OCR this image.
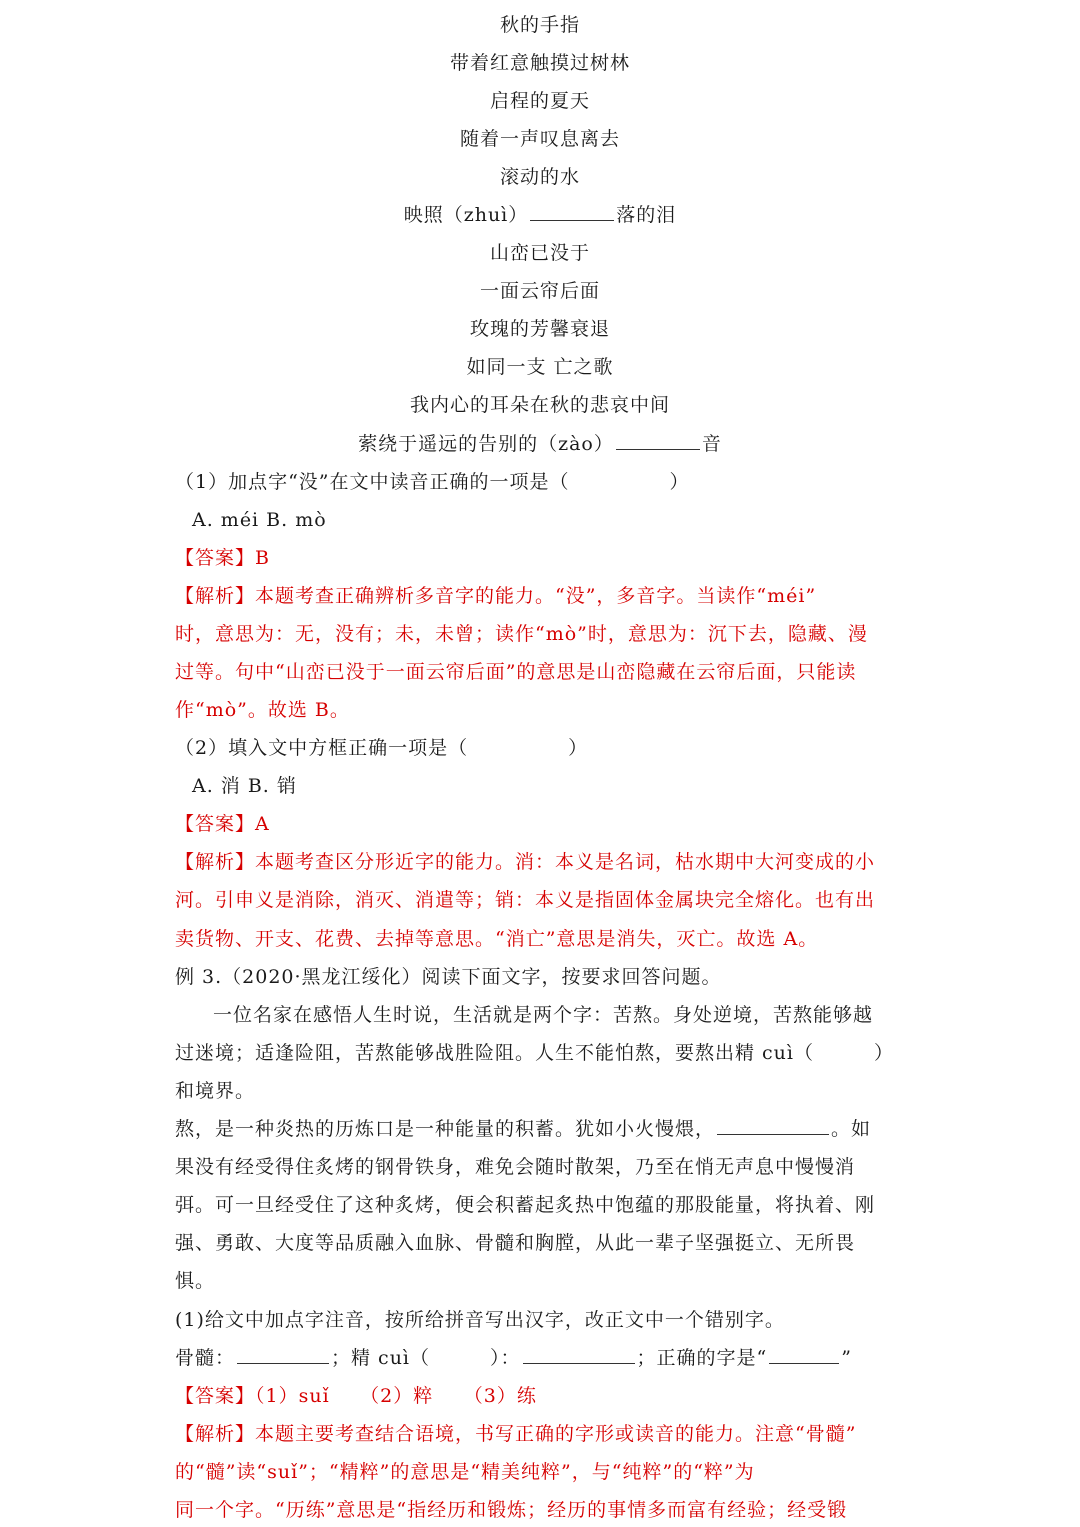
秋的手指
带着红意触摸过树林
启程的夏天
随着一声叹息离去
滚动的水
映照（zhuì）	落的泪
山峦已没于
一面云帘后面
玫瑰的芳馨衰退
如同一支 亡之歌
我内心的耳朵在秋的悲哀中间
萦绕于遥远的告别的（zào）	音
（1）加点字“没”在文中读音正确的一项是（　　　　　）
A. méi B. mò
【答案】B
【解析】本题考查正确辨析多音字的能力。“没”，多音字。当读作“méi”
时，意思为：无，没有；未，未曾；读作“mò”时，意思为：沉下去，隐藏、漫
过等。句中“山峦已没于一面云帘后面”的意思是山峦隐藏在云帘后面，只能读
作“mò”。故选 B。
（2）填入文中方框正确一项是（　　　　　）
A. 消 B. 销
【答案】A
【解析】本题考查区分形近字的能力。消：本义是名词，枯水期中大河变成的小
河。引申义是消除，消灭、消遣等；销：本义是指固体金属块完全熔化。也有出
卖货物、开支、花费、去掉等意思。“消亡”意思是消失，灭亡。故选 A。
例 3.（2020·黑龙江绥化）阅读下面文字，按要求回答问题。
一位名家在感悟人生时说，生活就是两个字：苦熬。身处逆境，苦熬能够越
过迷境；适逢险阻，苦熬能够战胜险阻。人生不能怕熬，要熬出精 cuì（　　　）
和境界。
熬，是一种炎热的历炼口是一种能量的积蓄。犹如小火慢煨，	。如
果没有经受得住炙烤的钢骨铁身，难免会随时散架，乃至在悄无声息中慢慢消
弭。可一旦经受住了这种炙烤，便会积蓄起炙热中饱蕴的那股能量，将执着、刚
强、勇敢、大度等品质融入血脉、骨髓和胸膛，从此一辈子坚强挺立、无所畏
惧。
(1)给文中加点字注音，按所给拼音写出汉字，改正文中一个错别字。
骨髓：	；精 cuì（　　　）：	；正确的字是“	”
【答案】（1）suǐ　　（2）粹　　（3）练
【解析】本题主要考查结合语境，书写正确的字形或读音的能力。注意“骨髓”
的“髓”读“suǐ”；“精粹”的意思是“精美纯粹”，与“纯粹”的“粹”为
同一个字。“历练”意思是“指经历和锻炼；经历的事情多而富有经验；经受锻
